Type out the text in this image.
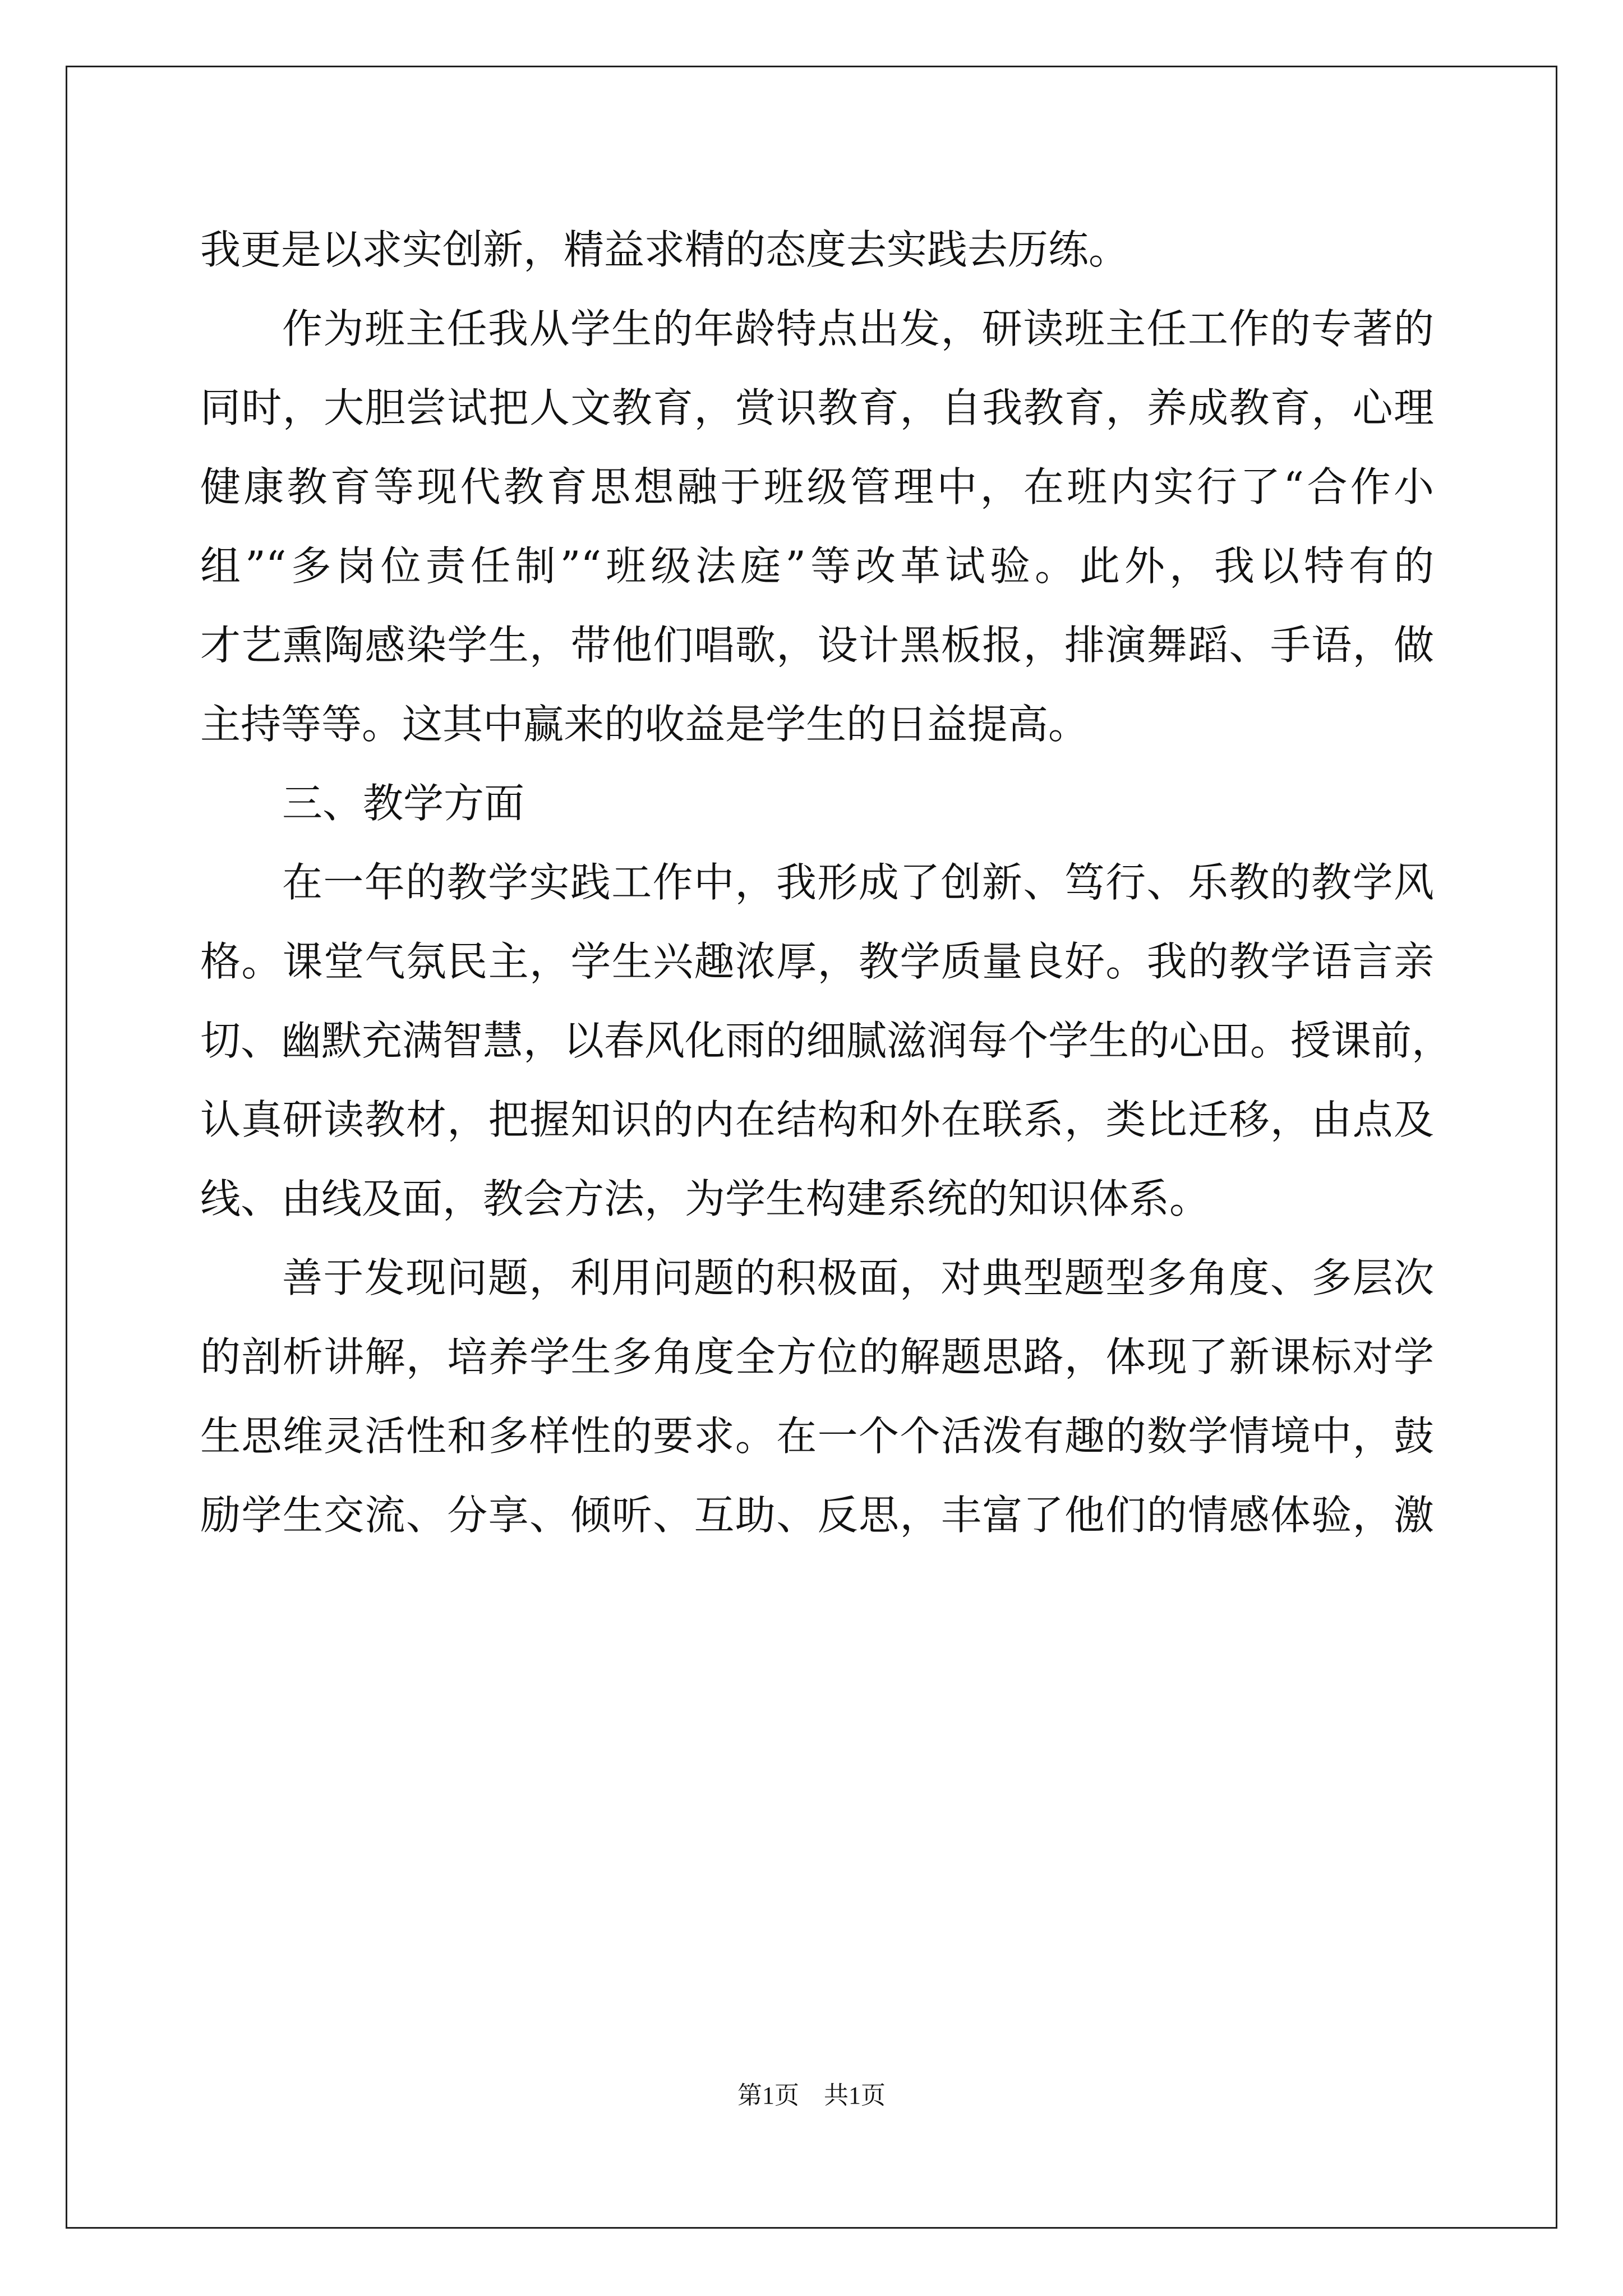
我更是以求实创新，精益求精的态度去实践去历练。
作为班主任我从学生的年龄特点出发，研读班主任工作的专著的
同时，大胆尝试把人文教育，赏识教育，自我教育，养成教育，心理
健康教育等现代教育思想融于班级管理中，在班内实行了“合作小
组”“多岗位责任制”“班级法庭”等改革试验。此外，我以特有的
才艺熏陶感染学生，带他们唱歌，设计黑板报，排演舞蹈、手语，做
主持等等。这其中赢来的收益是学生的日益提高。
三、教学方面
在一年的教学实践工作中，我形成了创新、笃行、乐教的教学风
格。课堂气氛民主，学生兴趣浓厚，教学质量良好。我的教学语言亲
切、幽默充满智慧，以春风化雨的细腻滋润每个学生的心田。授课前，
认真研读教材，把握知识的内在结构和外在联系，类比迁移，由点及
线、由线及面，教会方法，为学生构建系统的知识体系。
善于发现问题，利用问题的积极面，对典型题型多角度、多层次
的剖析讲解，培养学生多角度全方位的解题思路，体现了新课标对学
生思维灵活性和多样性的要求。在一个个活泼有趣的数学情境中，鼓
励学生交流、分享、倾听、互助、反思，丰富了他们的情感体验，激
第1页 共1页
